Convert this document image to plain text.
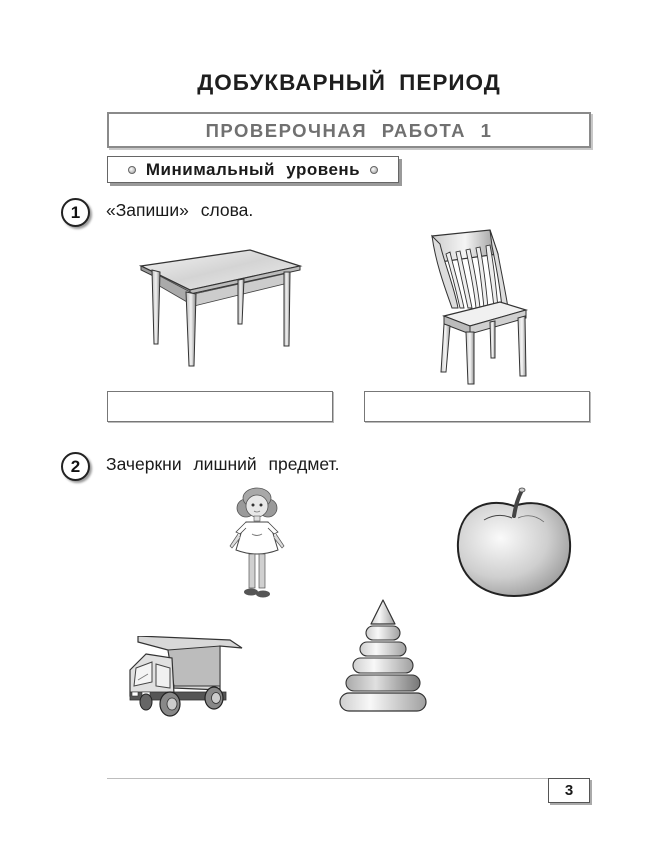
ДОБУКВАРНЫЙ ПЕРИОД
ПРОВЕРОЧНАЯ РАБОТА 1
Минимальный уровень
1	«Запиши» слова.
2	Зачеркни лишний предмет.
3
